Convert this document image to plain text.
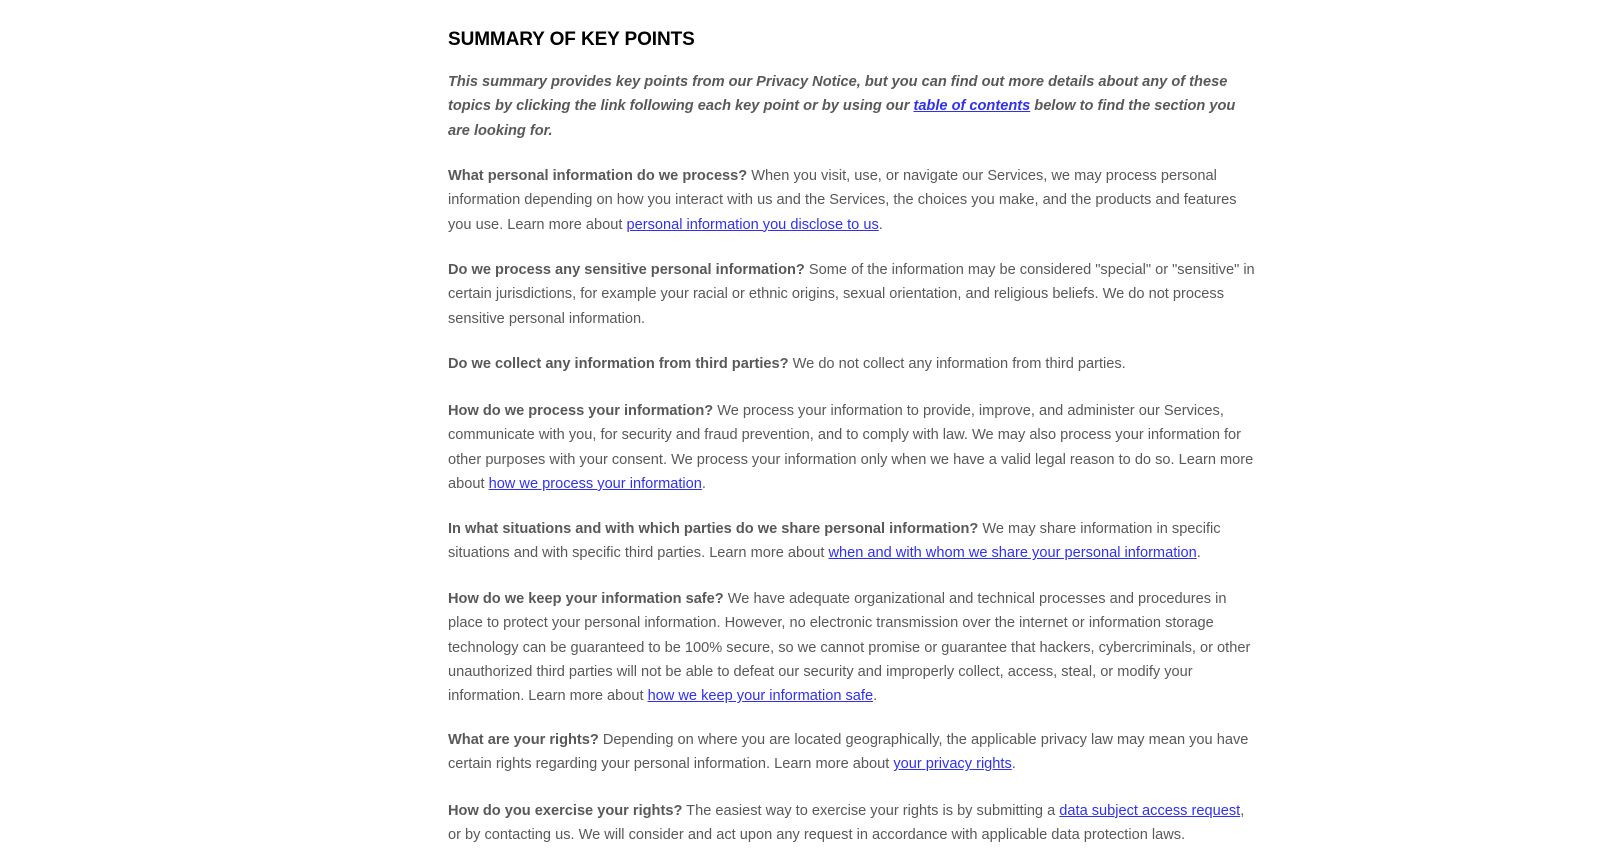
SUMMARY OF KEY POINTS

This summary provides key points from our Privacy Notice, but you can find out more details about any of these topics by clicking the link following each key point or by using our table of contents below to find the section you are looking for.

What personal information do we process? When you visit, use, or navigate our Services, we may process personal information depending on how you interact with us and the Services, the choices you make, and the products and features you use. Learn more about personal information you disclose to us.

Do we process any sensitive personal information? Some of the information may be considered "special" or "sensitive" in certain jurisdictions, for example your racial or ethnic origins, sexual orientation, and religious beliefs. We do not process sensitive personal information.

Do we collect any information from third parties? We do not collect any information from third parties.

How do we process your information? We process your information to provide, improve, and administer our Services, communicate with you, for security and fraud prevention, and to comply with law. We may also process your information for other purposes with your consent. We process your information only when we have a valid legal reason to do so. Learn more about how we process your information.

In what situations and with which parties do we share personal information? We may share information in specific situations and with specific third parties. Learn more about when and with whom we share your personal information.

How do we keep your information safe? We have adequate organizational and technical processes and procedures in place to protect your personal information. However, no electronic transmission over the internet or information storage technology can be guaranteed to be 100% secure, so we cannot promise or guarantee that hackers, cybercriminals, or other unauthorized third parties will not be able to defeat our security and improperly collect, access, steal, or modify your information. Learn more about how we keep your information safe.

What are your rights? Depending on where you are located geographically, the applicable privacy law may mean you have certain rights regarding your personal information. Learn more about your privacy rights.

How do you exercise your rights? The easiest way to exercise your rights is by submitting a data subject access request, or by contacting us. We will consider and act upon any request in accordance with applicable data protection laws.
